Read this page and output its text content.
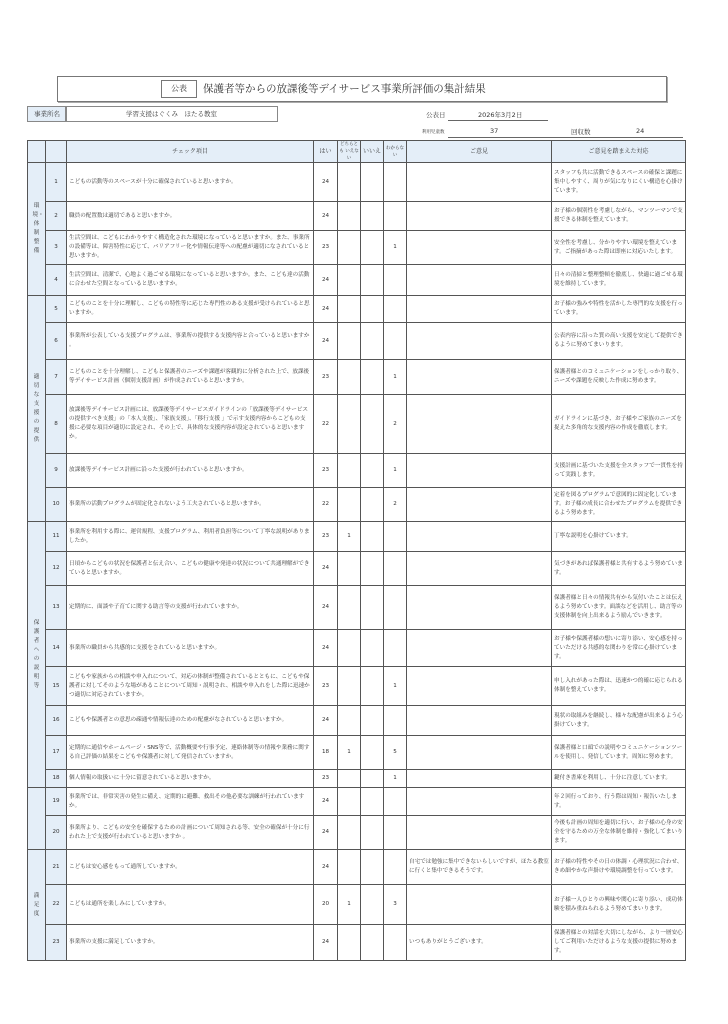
公表	保護者等からの放課後等デイサービス事業所評価の集計結果
事業所名	学習支援はぐくみ　ほたる教室	公表日	2026年3月2日
利用児童数	37	回収数	24
		チェック項目	はい	どちらとも いえない	いいえ	わからない	ご意見	ご意見を踏まえた対応
環境・体制整備	1	こどもの活動等のスペースが十分に確保されていると思いますか。	24					スタッフも共に活動できるスペースの確保と課題に集中しやすく、周りが気になりにくい構造を心掛けています。
	2	職員の配置数は適切であると思いますか。	24					お子様の個別性を考慮しながら、マンツーマンで支援できる体制を整えています。
	3	生活空間は、こどもにわかりやすく構造化された環境になっていると思いますか。また、事業所の設備等は、障害特性に応じて、バリアフリー化や情報伝達等への配慮が適切になされていると思いますか。	23			1		安全性を考慮し、分かりやすい環境を整えています。ご指摘があった際は即座に対応いたします。
	4	生活空間は、清潔で、心地よく過ごせる環境になっていると思いますか。また、こども達の活動に合わせた空間となっていると思いますか。	24					日々の清掃と整理整頓を徹底し、快適に過ごせる環境を維持しています。
適切な支援の提供	5	こどものことを十分に理解し、こどもの特性等に応じた専門性のある支援が受けられていると思いますか。	24					お子様の強みや特性を活かした専門的な支援を行っています。
	6	事業所が公表している支援プログラムは、事業所の提供する支援内容と合っていると思いますか 。	24					公表内容に沿った質の高い支援を安定して提供できるように努めてまいります。
	7	こどものことを十分理解し、こどもと保護者のニーズや課題が客観的に分析された上で、放課後等デイサービス計画（個別支援計画）が作成されていると思いますか。	23			1		保護者様とのコミュニケーションをしっかり取り、ニーズや課題を反映した作成に努めます。
	8	放課後等デイサービス計画には、放課後等デイサービスガイドラインの「放課後等デイサービスの提供すべき支援」の「本人支援」、「家族支援」、「移行支援 」で示す支援内容からこどもの支援に必要な項目が適切に設定され、その上で、具体的な支援内容が設定されていると思いますか。	22			2		ガイドラインに基づき、お子様やご家族のニーズを捉えた多角的な支援内容の作成を徹底します。
	9	放課後等デイサービス計画に沿った支援が行われていると思いますか。	23			1		支援計画に基づいた支援を全スタッフで一貫性を持って実践します。
	10	事業所の活動プログラムが固定化されないよう工夫されていると思いますか。	22			2		定着を図るプログラムで意図的に固定化しています。お子様の成長に合わせたプログラムを提供できるよう努めます。
保護者への説明等	11	事業所を利用する際に、運営規程、支援プログラム、利用者負担等について丁寧な説明がありましたか。	23	1				丁寧な説明を心掛けています。
	12	日頃からこどもの状況を保護者と伝え合い、こどもの健康や発達の状況について共通理解ができていると思いますか。	24					気づきがあれば保護者様と共有するよう努めています。
	13	定期的に、面談や子育てに関する助言等の支援が行われていますか。	24					保護者様と日々の情報共有から気付いたことは伝えるよう努めています。面談などを活用し、助言等の支援体制を向上出来るよう励んでいきます。
	14	事業所の職員から共感的に支援をされていると思いますか。	24					お子様や保護者様の想いに寄り添い、安心感を持っていただける共感的な関わりを常に心掛けています。
	15	こどもや家族からの相談や申入れについて、対応の体制が整備されているとともに、こどもや保護者に対してそのような場があることについて周知・説明され、相談や申入れをした際に迅速かつ適切に対応されていますか。	23			1		申し入れがあった際は、迅速かつ的確に応じられる体制を整えています。
	16	こどもや保護者との意思の疎通や情報伝達のための配慮がなされていると思いますか。	24					現状の取組みを継続し、様々な配慮が出来るよう心掛けています。
	17	定期的に通信やホームページ・SNS等で、活動概要や行事予定、連絡体制等の情報や業務に関する自己評価の結果をこどもや保護者に対して発信されていますか。	18	1		5		保護者様と口頭での説明やコミュニケーションツールを使用し、発信しています。周知に努めます。
	18	個人情報の取扱いに十分に留意されていると思いますか。	23			1		鍵付き書庫を利用し、十分に注意しています。
	19	事業所では、非常災害の発生に備え、定期的に避難、救出その他必要な訓練が行われていますか。	24					年２回行っており、行う際は周知・報告いたします。
	20	事業所より、こどもの安全を確保するための計画について周知される等、安全の確保が十分に行われた上で支援が行われていると思いますか 。	24					今後も計画の周知を適切に行い、お子様の心身の安全を守るための万全な体制を維持・強化してまいります。
満足度	21	こどもは安心感をもって通所していますか。	24				自宅では勉強に集中できないらしいですが、ほたる教室に行くと集中できるそうです。	お子様の特性やその日の体調・心理状況に合わせ、きめ細やかな声掛けや環境調整を行っています。
	22	こどもは通所を楽しみにしていますか。	20	1		3		お子様一人ひとりの興味や関心に寄り添い、成功体験を積み重ねられるよう努めてまいります。
	23	事業所の支援に満足していますか。	24				いつもありがとうございます。	保護者様との対話を大切にしながら、より一層安心してご利用いただけるような支援の提供に努めます。
